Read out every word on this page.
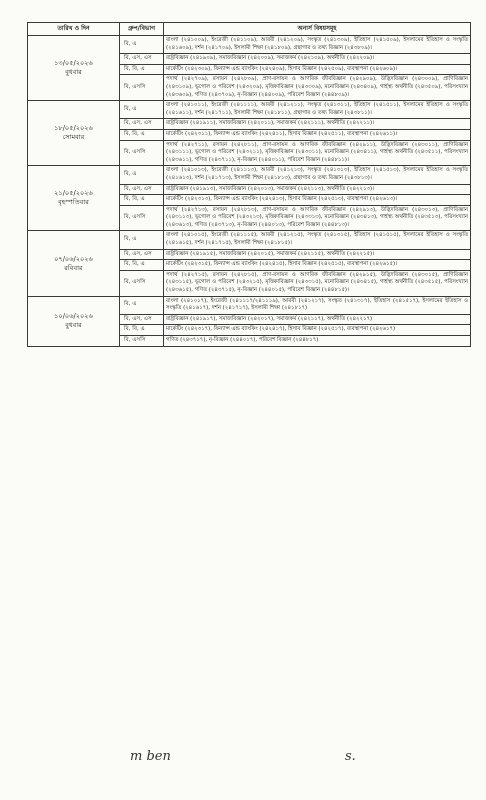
তারিখ ও দিন	গ্রুপ/বিভাগ	অনার্স বিষয়সমূহ

১৩/০৫/২০২৬
বুধবার	বি, এ	বাংলা (২৪১০০৯), ইংরেজী (২৪১১০৯), আরবী (২৪১২০৯), সংস্কৃত (২৪১৩০৯), ইতিহাস (২৪১৫০৯), ইসলামের ইতিহাস ও সংস্কৃতি (২৪১৬০৯), দর্শন (২৪১৭০৯), ইসলামী শিক্ষা (২৪১৮০৯), গ্রন্থাগার ও তথ্য বিজ্ঞান (২৪৩৮০৯)।
	বি, এস, এস	রাষ্ট্রবিজ্ঞান (২৪১৯০৯), সমাজবিজ্ঞান (২৪২০০৯), সমাজকর্ম (২৪২১০৯), অর্থনীতি (২৪২২০৯)।
	বি, বি, এ	মার্কেটিং (২৪২৩০৯), ফিন্যান্স এন্ড ব্যাংকিং (২৪২৪০৯), হিসাব বিজ্ঞান (২৪২৫০৯), ব্যবস্থাপনা (২৪২৬০৯)।
	বি, এসসি	পদার্থ (২৪২৭০৯), রসায়ন (২৪২৮০৯), প্রাণ-রসায়ন ও আণবিক জীববিজ্ঞান (২৪২৯০৯), উদ্ভিদবিজ্ঞান (২৪৩০০৯), প্রাণিবিজ্ঞান (২৪৩১০৯), ভূগোল ও পরিবেশ (২৪৩২০৯), মৃত্তিকাবিজ্ঞান (২৪৩৩০৯), মনোবিজ্ঞান (২৪৩৪০৯), গার্হস্থ্য অর্থনীতি (২৪৩৫০৯), পরিসংখ্যান (২৪৩৬০৯), গণিত (২৪৩৭০৯), নৃ-বিজ্ঞান (২৪৪০০৯), পরিবেশ বিজ্ঞান (২৪৪৮০৯)।

১৮/০৫/২০২৬
সোমবার	বি, এ	বাংলা (২৪১০১১), ইংরেজী (২৪১১১১), আরবী (২৪১২১১), সংস্কৃত (২৪১৩১১), ইতিহাস (২৪১৫১১), ইসলামের ইতিহাস ও সংস্কৃতি (২৪১৬১১), দর্শন (২৪১৭১১), ইসলামী শিক্ষা (২৪১৮১১), গ্রন্থাগার ও তথ্য বিজ্ঞান (২৪৩৮১১)।
	বি, এস, এস	রাষ্ট্রবিজ্ঞান (২৪১৯১১), সমাজবিজ্ঞান (২৪২০১১), সমাজকর্ম (২৪২১১১), অর্থনীতি (২৪২২১১)।
	বি, বি, এ	মার্কেটিং (২৪২৩১১), ফিন্যান্স এন্ড ব্যাংকিং (২৪২৪১১), হিসাব বিজ্ঞান (২৪২৫১১), ব্যবস্থাপনা (২৪২৬১১)।
	বি, এসসি	পদার্থ (২৪২৭১১), রসায়ন (২৪২৮১১), প্রাণ-রসায়ন ও আণবিক জীববিজ্ঞান (২৪২৯১১), উদ্ভিদবিজ্ঞান (২৪৩০১১), প্রাণিবিজ্ঞান (২৪৩১১১), ভূগোল ও পরিবেশ (২৪৩২১১), মৃত্তিকাবিজ্ঞান (২৪৩৩১১), মনোবিজ্ঞান (২৪৩৪১১), গার্হস্থ্য অর্থনীতি (২৪৩৫১১), পরিসংখ্যান (২৪৩৬১১), গণিত (২৪৩৭১১), নৃ-বিজ্ঞান (২৪৪০১১), পরিবেশ বিজ্ঞান (২৪৪৮১১)।

২১/০৫/২০২৬
বৃহস্পতিবার	বি, এ	বাংলা (২৪১০১৩), ইংরেজী (২৪১১১৩), আরবী (২৪১২১৩), সংস্কৃত (২৪১৩১৩), ইতিহাস (২৪১৫১৩), ইসলামের ইতিহাস ও সংস্কৃতি (২৪১৬১৩), দর্শন (২৪১৭১৩), ইসলামী শিক্ষা (২৪১৮১৩), গ্রন্থাগার ও তথ্য বিজ্ঞান (২৪৩৮১৩)।
	বি, এস, এস	রাষ্ট্রবিজ্ঞান (২৪১৯১৩), সমাজবিজ্ঞান (২৪২০১৩), সমাজকর্ম (২৪২১১৩), অর্থনীতি (২৪২২১৩)।
	বি, বি, এ	মার্কেটিং (২৪২৩১৩), ফিন্যান্স এন্ড ব্যাংকিং (২৪২৪১৩), হিসাব বিজ্ঞান (২৪২৫১৩), ব্যবস্থাপনা (২৪২৬১৩)।
	বি, এসসি	পদার্থ (২৪২৭১৩), রসায়ন (২৪২৮১৩), প্রাণ-রসায়ন ও আণবিক জীববিজ্ঞান (২৪২৯১৩), উদ্ভিদবিজ্ঞান (২৪৩০১৩), প্রাণিবিজ্ঞান (২৪৩১১৩), ভূগোল ও পরিবেশ (২৪৩২১৩), মৃত্তিকাবিজ্ঞান (২৪৩৩১৩), মনোবিজ্ঞান (২৪৩৪১৩), গার্হস্থ্য অর্থনীতি (২৪৩৫১৩), পরিসংখ্যান (২৪৩৬১৩), গণিত (২৪৩৭১৩), নৃ-বিজ্ঞান (২৪৪০১৩), পরিবেশ বিজ্ঞান (২৪৪৮১৩)।

০৭/০৬/২০২৬
রবিবার	বি, এ	বাংলা (২৪১০১৫), ইংরেজী (২৪১১১৫), আরবী (২৪১২১৫), সংস্কৃত (২৪১৩১৫), ইতিহাস (২৪১৫১৫), ইসলামের ইতিহাস ও সংস্কৃতি (২৪১৬১৫), দর্শন (২৪১৭১৫), ইসলামী শিক্ষা (২৪১৮১৫)।
	বি, এস, এস	রাষ্ট্রবিজ্ঞান (২৪১৯১৫), সমাজবিজ্ঞান (২৪২০১৫), সমাজকর্ম (২৪২১১৫), অর্থনীতি (২৪২২১৫)।
	বি, বি, এ	মার্কেটিং (২৪২৩১৫), ফিন্যান্স এন্ড ব্যাংকিং (২৪২৪১৫), হিসাব বিজ্ঞান (২৪২৫১৫), ব্যবস্থাপনা (২৪২৬১৫)।
	বি, এসসি	পদার্থ (২৪২৭১৫), রসায়ন (২৪২৮১৫), প্রাণ-রসায়ন ও আণবিক জীববিজ্ঞান (২৪২৯১৫), উদ্ভিদবিজ্ঞান (২৪৩০১৫), প্রাণিবিজ্ঞান (২৪৩১১৫), ভূগোল ও পরিবেশ (২৪৩২১৫), মৃত্তিকাবিজ্ঞান (২৪৩৩১৫), মনোবিজ্ঞান (২৪৩৪১৫), গার্হস্থ্য অর্থনীতি (২৪৩৫১৫), পরিসংখ্যান (২৪৩৬১৫), গণিত (২৪৩৭১৫), নৃ-বিজ্ঞান (২৪৪০১৫), পরিবেশ বিজ্ঞান (২৪৪৮১৫)।

১০/০৬/২০২৬
বুধবার	বি, এ	বাংলা (২৪১০১৭), ইংরেজী (২৪১১১৭/২৪১১১৯), আরবী (২৪১২১৭), সংস্কৃত (২৪১৩১৭), ইতিহাস (২৪১৫১৭), ইসলামের ইতিহাস ও সংস্কৃতি (২৪১৬১৭), দর্শন (২৪১৭১৭), ইসলামী শিক্ষা (২৪১৮১৭)
	বি, এস, এস	রাষ্ট্রবিজ্ঞান (২৪১৯১৭), সমাজবিজ্ঞান (২৪২০১৭), সমাজকর্ম (২৪২১১৭), অর্থনীতি (২৪২২১৭)
	বি, বি, এ	মার্কেটিং (২৪২৩১৭), ফিন্যান্স এন্ড ব্যাংকিং (২৪২৪১৭), হিসাব বিজ্ঞান (২৪২৫১৭), ব্যবস্থাপনা (২৪২৬১৭)
	বি, এসসি	গণিত (২৪৩৭১৭), নৃ-বিজ্ঞান (২৪৪০১৭), পরিবেশ বিজ্ঞান (২৪৪৮১৭)
m ben	s.
